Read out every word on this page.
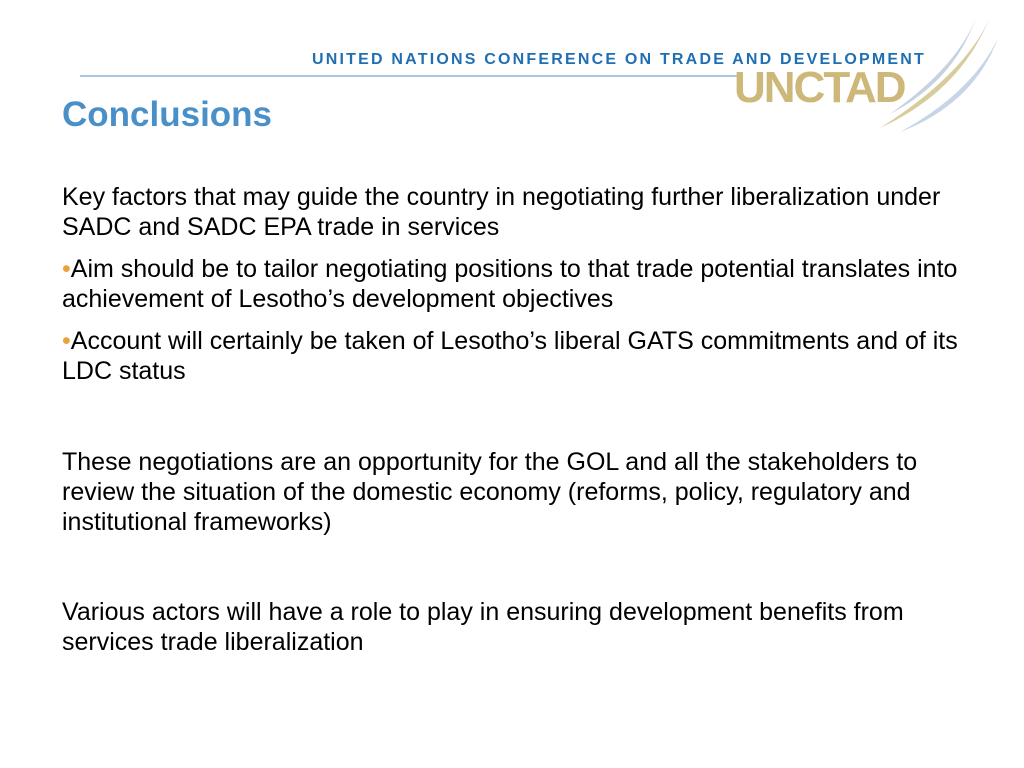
UNITED NATIONS CONFERENCE ON TRADE AND DEVELOPMENT
UNCTAD
Conclusions

Key factors that may guide the country in negotiating further liberalization under SADC and SADC EPA trade in services

•Aim should be to tailor negotiating positions to that trade potential translates into achievement of Lesotho’s development objectives

•Account will certainly be taken of Lesotho’s liberal GATS commitments and of its LDC status

These negotiations are an opportunity for the GOL and all the stakeholders to review the situation of the domestic economy (reforms, policy, regulatory and institutional frameworks)

Various actors will have a role to play in ensuring development benefits from services trade liberalization
